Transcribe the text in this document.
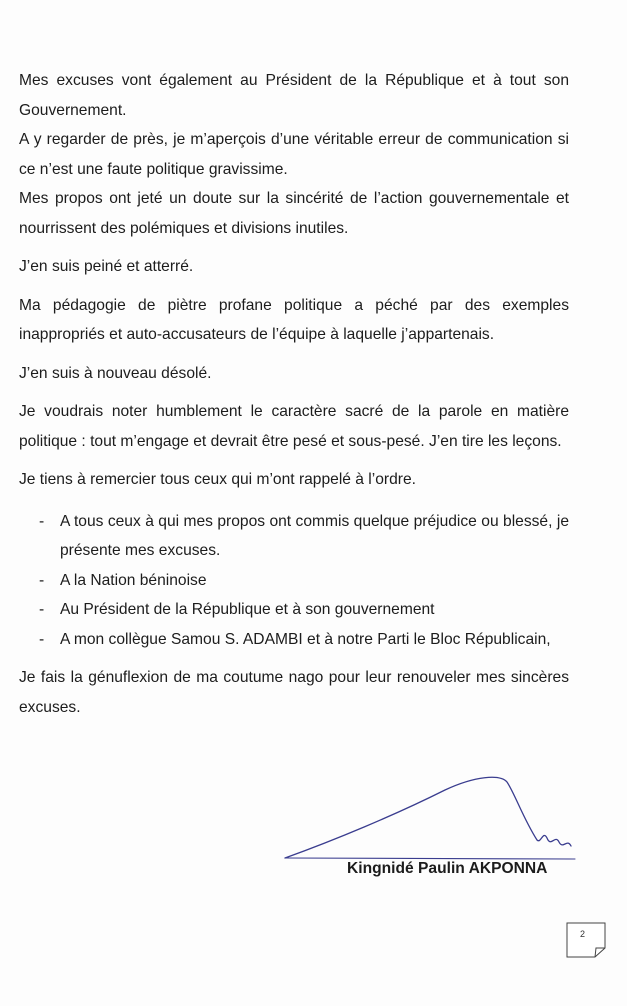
Mes excuses vont également au Président de la République et à tout son Gouvernement.

A y regarder de près, je m’aperçois d’une véritable erreur de communication si ce n’est une faute politique gravissime.

Mes propos ont jeté un doute sur la sincérité de l’action gouvernementale et nourrissent des polémiques et divisions inutiles.

J’en suis peiné et atterré.

Ma pédagogie de piètre profane politique a péché par des exemples inappropriés et auto-accusateurs de l’équipe à laquelle j’appartenais.

J’en suis à nouveau désolé.

Je voudrais noter humblement le caractère sacré de la parole en matière politique : tout m’engage et devrait être pesé et sous-pesé. J’en tire les leçons.

Je tiens à remercier tous ceux qui m’ont rappelé à l’ordre.

- A tous ceux à qui mes propos ont commis quelque préjudice ou blessé, je présente mes excuses.
- A la Nation béninoise
- Au Président de la République et à son gouvernement
- A mon collègue Samou S. ADAMBI et à notre Parti le Bloc Républicain,

Je fais la génuflexion de ma coutume nago pour leur renouveler mes sincères excuses.

Kingnidé Paulin AKPONNA
2
